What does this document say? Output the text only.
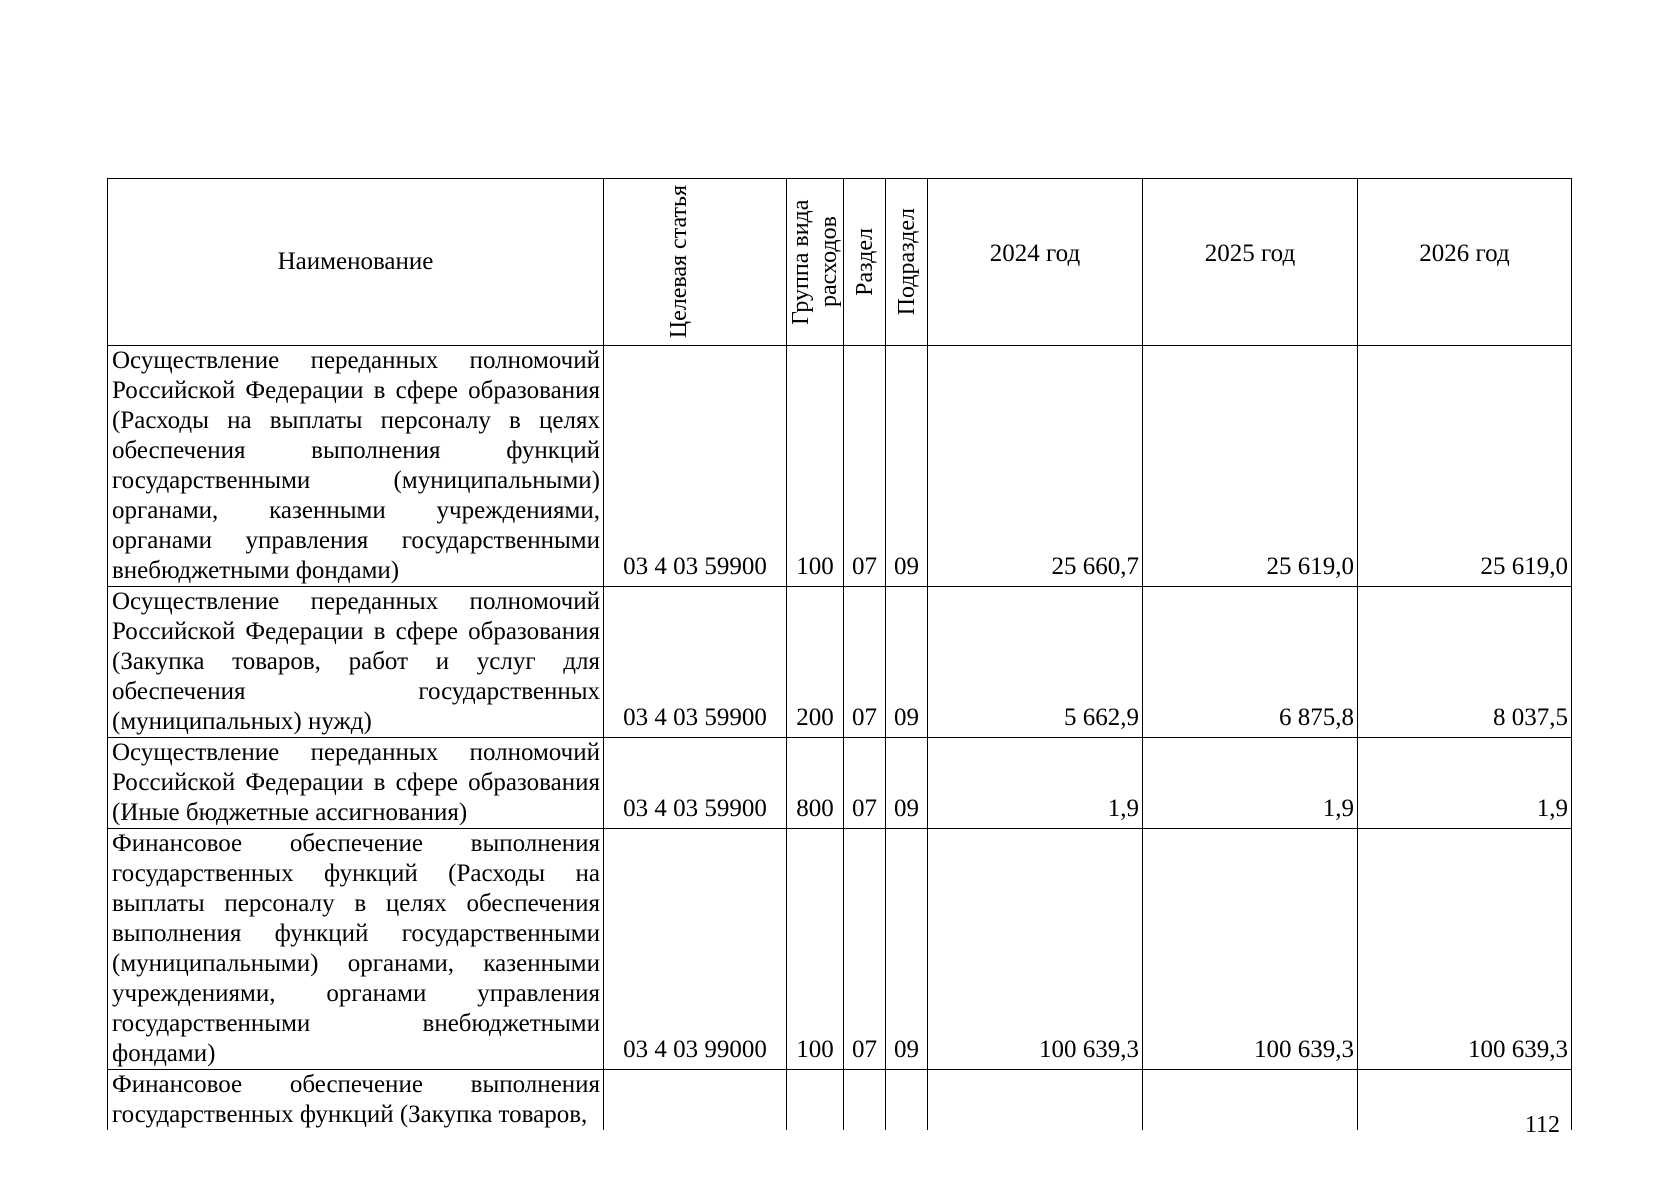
Наименование	Целевая статья	Группа вида расходов	Раздел	Подраздел	2024 год	2025 год	2026 год
Осуществление переданных полномочий Российской Федерации в сфере образования (Расходы на выплаты персоналу в целях обеспечения выполнения функций государственными (муниципальными) органами, казенными учреждениями, органами управления государственными внебюджетными фондами)	03 4 03 59900	100	07	09	25 660,7	25 619,0	25 619,0
Осуществление переданных полномочий Российской Федерации в сфере образования (Закупка товаров, работ и услуг для обеспечения государственных (муниципальных) нужд)	03 4 03 59900	200	07	09	5 662,9	6 875,8	8 037,5
Осуществление переданных полномочий Российской Федерации в сфере образования (Иные бюджетные ассигнования)	03 4 03 59900	800	07	09	1,9	1,9	1,9
Финансовое обеспечение выполнения государственных функций (Расходы на выплаты персоналу в целях обеспечения выполнения функций государственными (муниципальными) органами, казенными учреждениями, органами управления государственными внебюджетными фондами)	03 4 03 99000	100	07	09	100 639,3	100 639,3	100 639,3
Финансовое обеспечение выполнения государственных функций (Закупка товаров,								112
